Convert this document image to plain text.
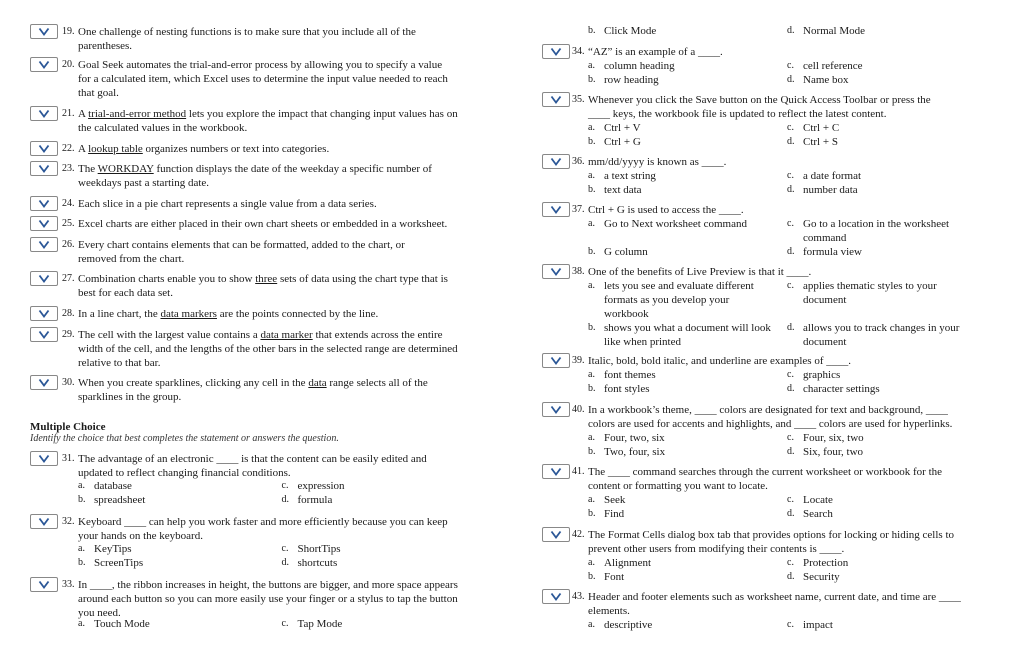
19. One challenge of nesting functions is to make sure that you include all of the
parentheses.
20. Goal Seek automates the trial-and-error process by allowing you to specify a value
for a calculated item, which Excel uses to determine the input value needed to reach
that goal.
21. A trial-and-error method lets you explore the impact that changing input values has on
the calculated values in the workbook.
22. A lookup table organizes numbers or text into categories.
23. The WORKDAY function displays the date of the weekday a specific number of
weekdays past a starting date.
24. Each slice in a pie chart represents a single value from a data series.
25. Excel charts are either placed in their own chart sheets or embedded in a worksheet.
26. Every chart contains elements that can be formatted, added to the chart, or
removed from the chart.
27. Combination charts enable you to show three sets of data using the chart type that is
best for each data set.
28. In a line chart, the data markers are the points connected by the line.
29. The cell with the largest value contains a data marker that extends across the entire
width of the cell, and the lengths of the other bars in the selected range are determined
relative to that bar.
30. When you create sparklines, clicking any cell in the data range selects all of the
sparklines in the group.
31. The advantage of an electronic ____ is that the content can be easily edited and
updated to reflect changing financial conditions.
a. database	c. expression
b. spreadsheet	d. formula
32. Keyboard ____ can help you work faster and more efficiently because you can keep
your hands on the keyboard.
a. KeyTips	c. ShortTips
b. ScreenTips	d. shortcuts
33. In ____, the ribbon increases in height, the buttons are bigger, and more space appears
around each button so you can more easily use your finger or a stylus to tap the button
you need.
a. Touch Mode	c. Tap Mode
Multiple Choice
Identify the choice that best completes the statement or answers the question.
b. Click Mode	d. Normal Mode
34. “AZ” is an example of a ____.
a. column heading	c. cell reference
b. row heading	d. Name box
35. Whenever you click the Save button on the Quick Access Toolbar or press the
____ keys, the workbook file is updated to reflect the latest content.
a. Ctrl + V	c. Ctrl + C
b. Ctrl + G	d. Ctrl + S
36. mm/dd/yyyy is known as ____.
a. a text string	c. a date format
b. text data	d. number data
37. Ctrl + G is used to access the ____.
a. Go to Next worksheet command	c. Go to a location in the worksheet
command
b. G column	d. formula view
38. One of the benefits of Live Preview is that it ____.
a. lets you see and evaluate different
formats as you develop your
workbook
c. applies thematic styles to your
document
b. shows you what a document will look
like when printed
d. allows you to track changes in your
document
39. Italic, bold, bold italic, and underline are examples of ____.
a. font themes	c. graphics
b. font styles	d. character settings
40. In a workbook’s theme, ____ colors are designated for text and background, ____
colors are used for accents and highlights, and ____ colors are used for hyperlinks.
a. Four, two, six	c. Four, six, two
b. Two, four, six	d. Six, four, two
41. The ____ command searches through the current worksheet or workbook for the
content or formatting you want to locate.
a. Seek	c. Locate
b. Find	d. Search
42. The Format Cells dialog box tab that provides options for locking or hiding cells to
prevent other users from modifying their contents is ____.
a. Alignment	c. Protection
b. Font	d. Security
43. Header and footer elements such as worksheet name, current date, and time are ____
elements.
a. descriptive	c. impact
